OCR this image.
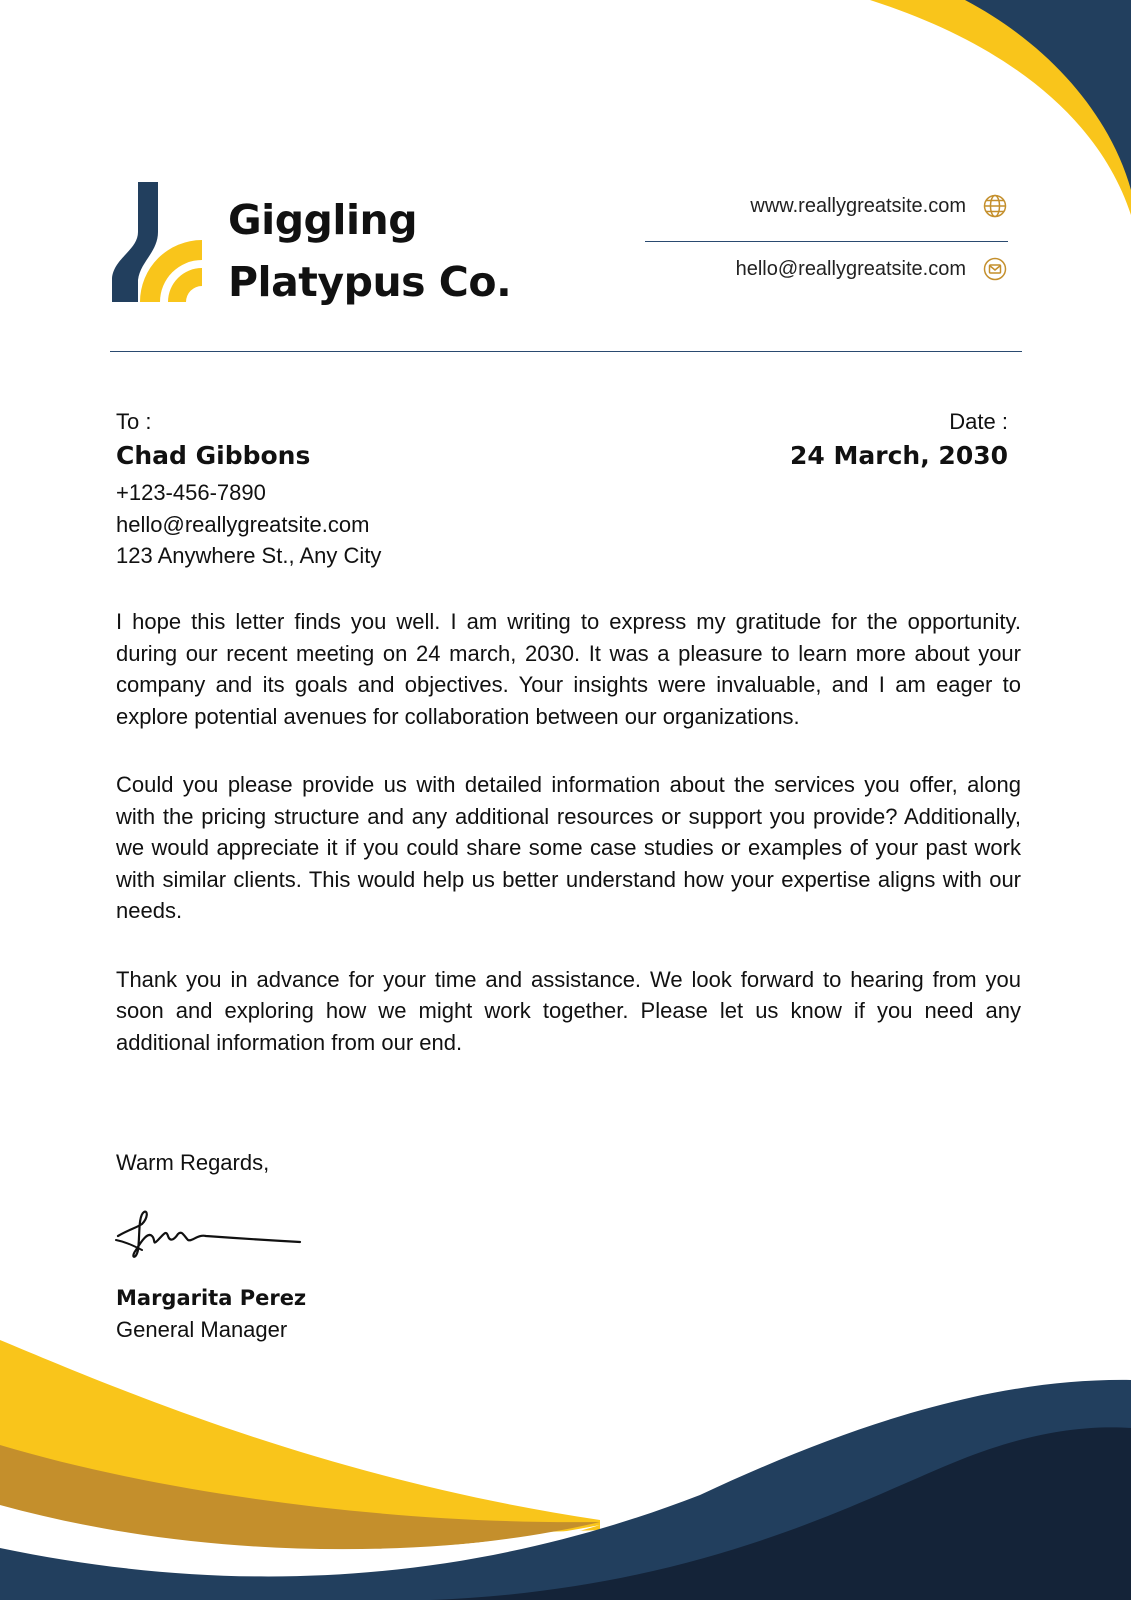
Giggling
Platypus Co.
www.reallygreatsite.com
hello@reallygreatsite.com
To :
Chad Gibbons
+123-456-7890
hello@reallygreatsite.com
123 Anywhere St., Any City
Date :
24 March, 2030

I hope this letter finds you well. I am writing to express my gratitude for the opportunity. during our recent meeting on 24 march, 2030. It was a pleasure to learn more about your company and its goals and objectives. Your insights were invaluable, and I am eager to explore potential avenues for collaboration between our organizations.

Could you please provide us with detailed information about the services you offer, along with the pricing structure and any additional resources or support you provide? Additionally, we would appreciate it if you could share some case studies or examples of your past work with similar clients. This would help us better understand how your expertise aligns with our needs.

Thank you in advance for your time and assistance. We look forward to hearing from you soon and exploring how we might work together. Please let us know if you need any additional information from our end.

Warm Regards,
Margarita Perez
General Manager
